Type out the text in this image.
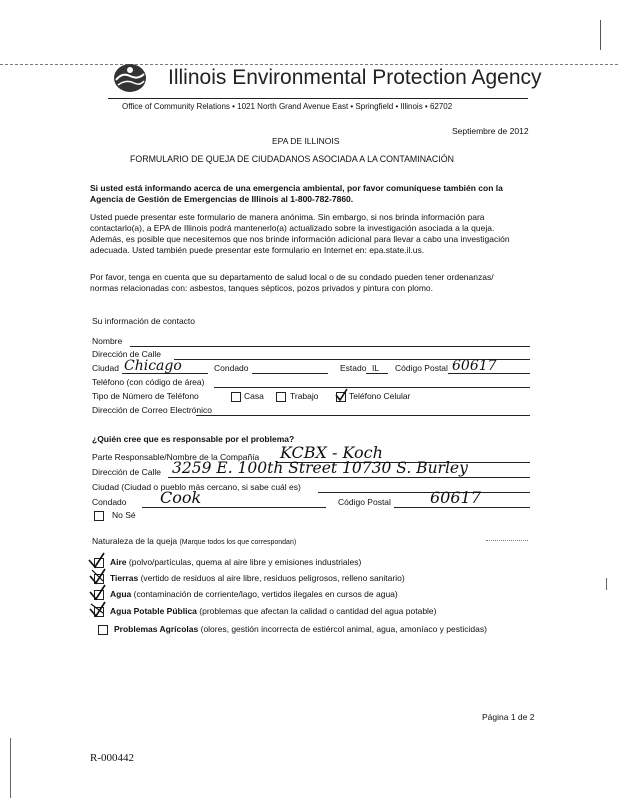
Illinois Environmental Protection Agency
Office of Community Relations • 1021 North Grand Avenue East • Springfield • Illinois • 62702
Septiembre de 2012
EPA DE ILLINOIS
FORMULARIO DE QUEJA DE CIUDADANOS ASOCIADA A LA CONTAMINACIÓN
Si usted está informando acerca de una emergencia ambiental, por favor comuníquese también con la
Agencia de Gestión de Emergencias de Illinois al 1-800-782-7860.
Usted puede presentar este formulario de manera anónima. Sin embargo, si nos brinda información para
contactarlo(a), a EPA de Illinois podrá mantenerlo(a) actualizado sobre la investigación asociada a la queja.
Además, es posible que necesitemos que nos brinde información adicional para llevar a cabo una investigación
adecuada. Usted también puede presentar este formulario en Internet en: epa.state.il.us.
Por favor, tenga en cuenta que su departamento de salud local o de su condado pueden tener ordenanzas/
normas relacionadas con: asbestos, tanques sépticos, pozos privados y pintura con plomo.
Su información de contacto
Nombre
Dirección de Calle
Ciudad Chicago	Condado	Estado IL Código Postal 60617
Teléfono (con código de área)
Tipo de Número de Teléfono	Casa	Trabajo	Teléfono Celular
Dirección de Correo Electrónico
¿Quién cree que es responsable por el problema?
Parte Responsable/Nombre de la Compañía KCBX - Koch
Dirección de Calle 3259 E. 100th Street 10730 S. Burley
Ciudad (Ciudad o pueblo más cercano, si sabe cuál es)
Condado Cook	Código Postal 60617
No Sé
Naturaleza de la queja (Marque todos los que correspondan)
Aire (polvo/partículas, quema al aire libre y emisiones industriales)
Tierras (vertido de residuos al aire libre, residuos peligrosos, relleno sanitario)
Agua (contaminación de corriente/lago, vertidos ilegales en cursos de agua)
Agua Potable Pública (problemas que afectan la calidad o cantidad del agua potable)
Problemas Agrícolas (olores, gestión incorrecta de estiércol animal, agua, amoníaco y pesticidas)
Página 1 de 2
R-000442
